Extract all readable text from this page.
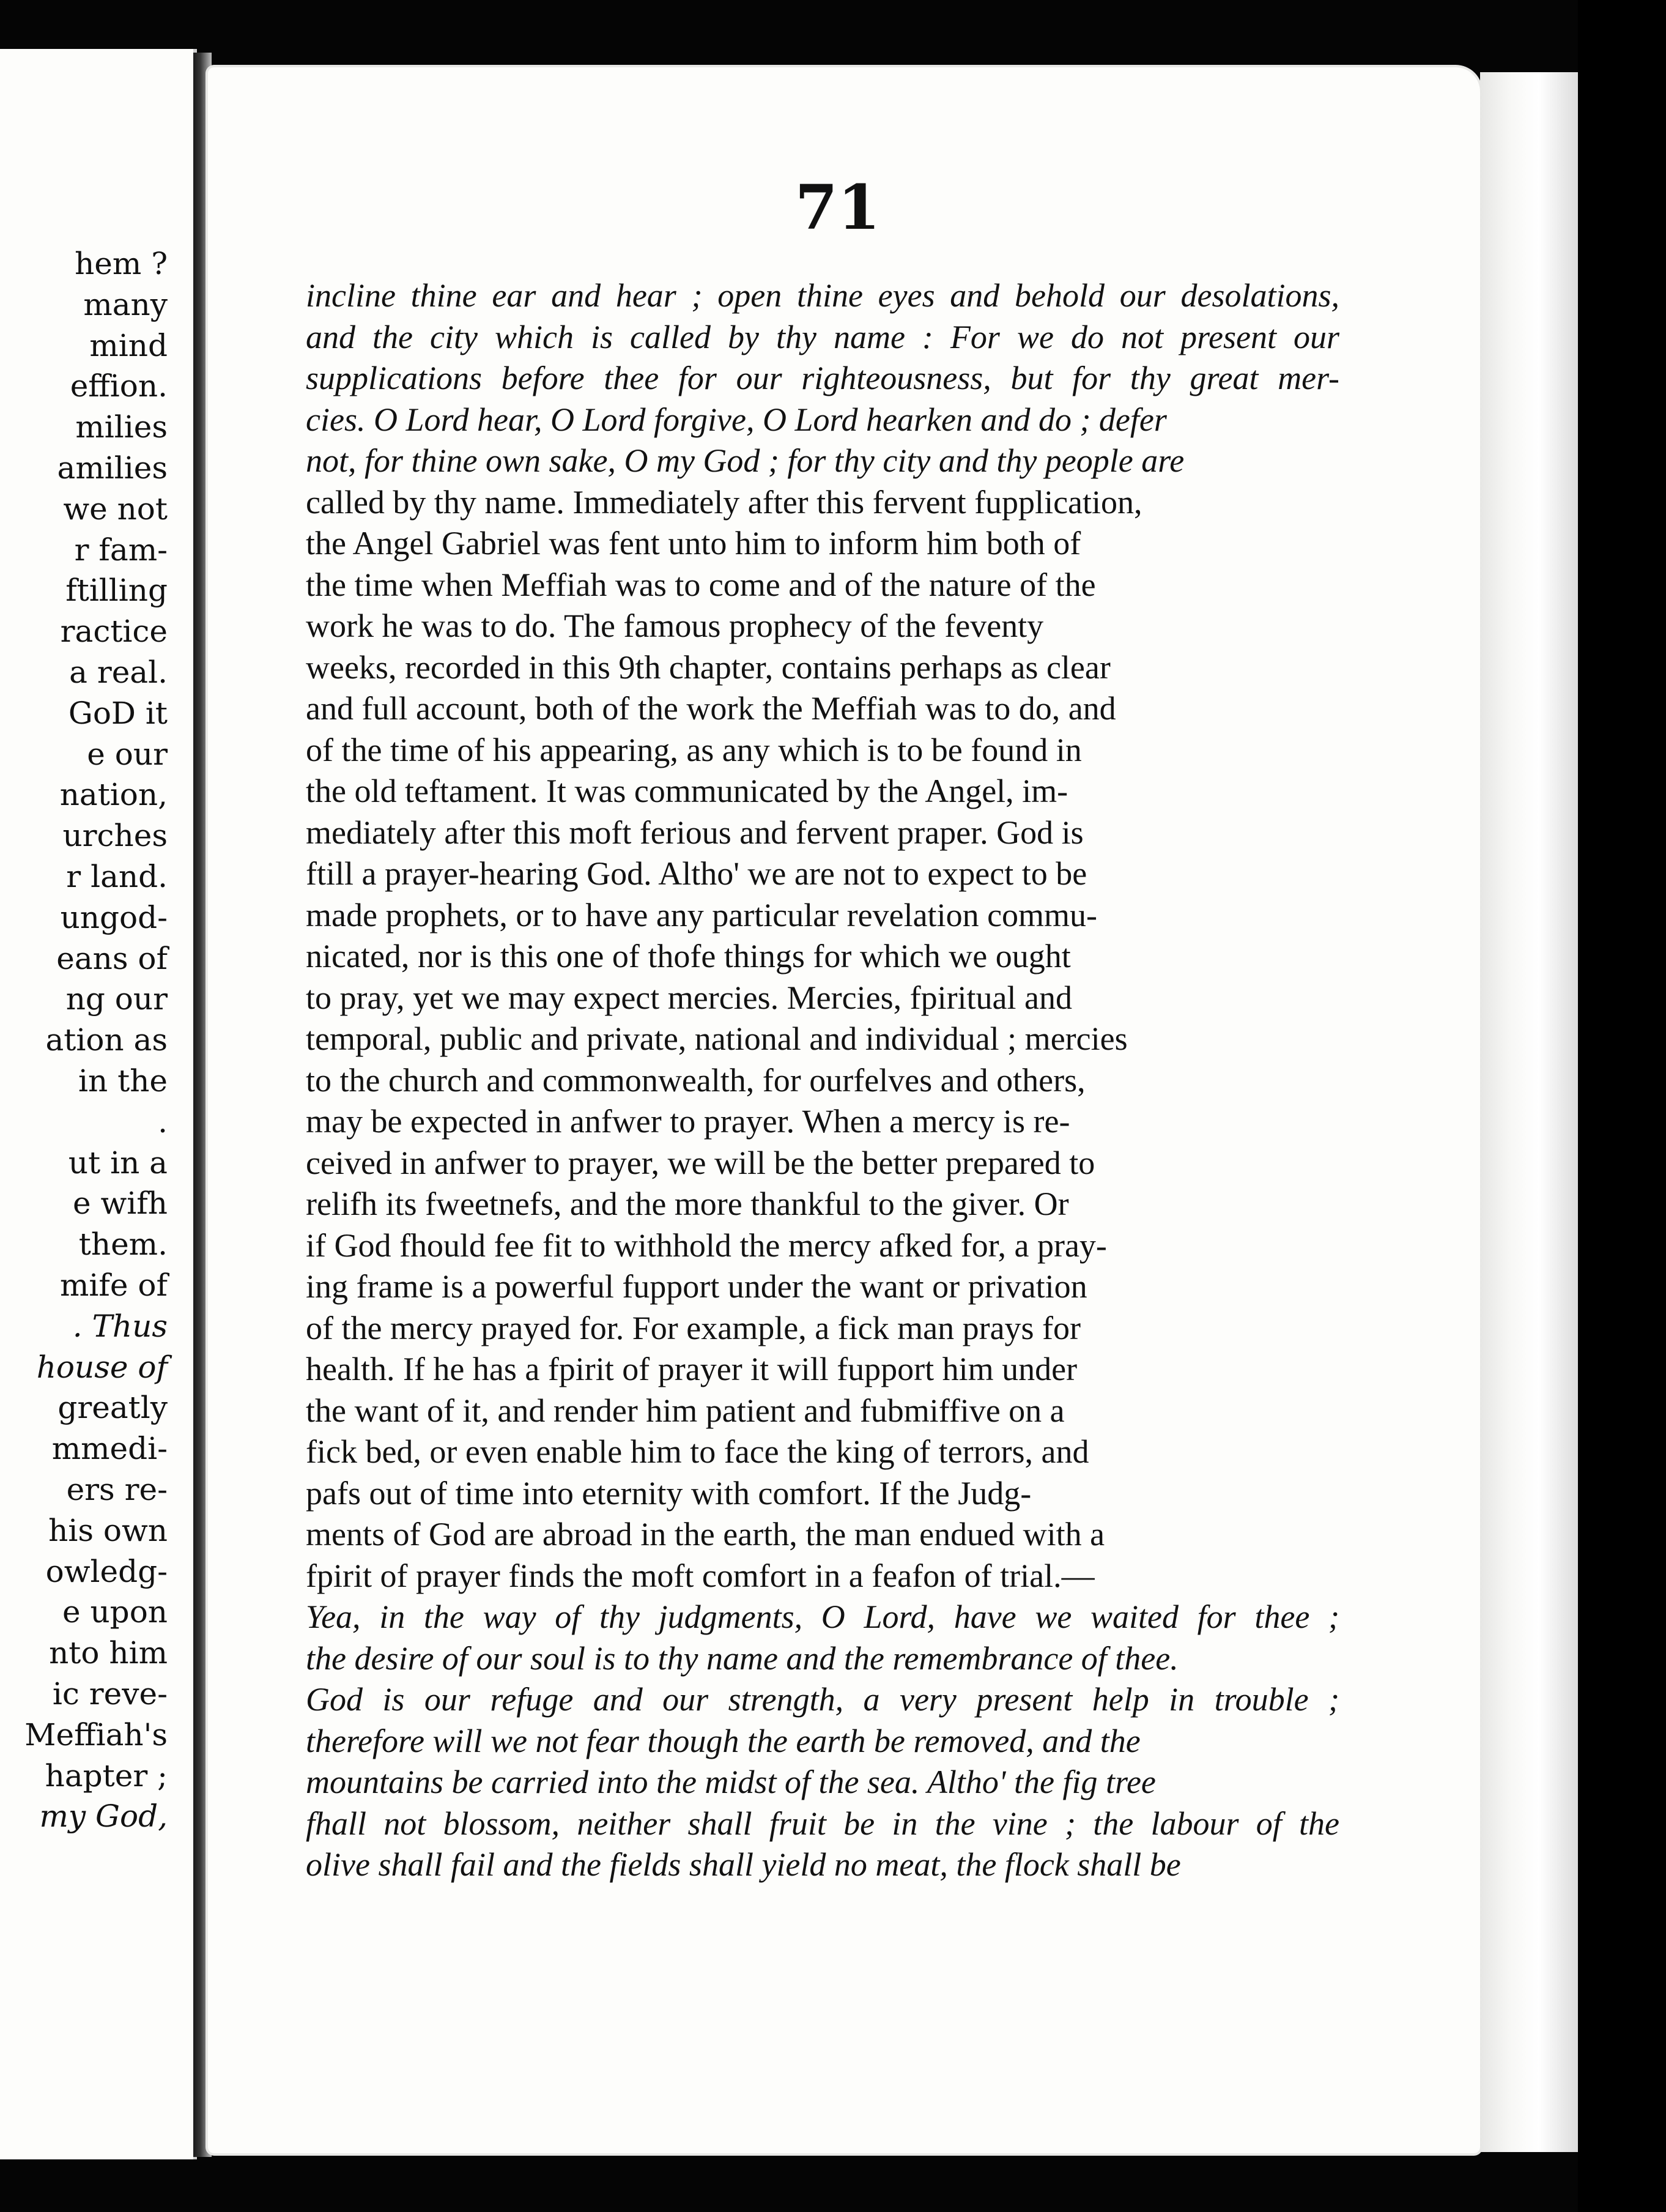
hem ?
many
mind
effion.
milies
amilies
we not
r fam-
ftilling
ractice
a real.
GoD it
e our
nation,
urches
r land.
ungod-
eans of
ng our
ation as
in the
.
ut in a
e wifh
them.
mife of
. Thus
house of
greatly
mmedi-
ers re-
his own
owledg-
e upon
nto him
ic reve-
Meffiah's
hapter ;
my God,
71
incline thine ear and hear ; open thine eyes and behold our desolations,
and the city which is called by thy name : For we do not present our
supplications before thee for our righteousness, but for thy great mer-
cies. O Lord hear, O Lord forgive, O Lord hearken and do ; defer
not, for thine own sake, O my God ; for thy city and thy people are
called by thy name. Immediately after this fervent fupplication,
the Angel Gabriel was fent unto him to inform him both of
the time when Meffiah was to come and of the nature of the
work he was to do. The famous prophecy of the feventy
weeks, recorded in this 9th chapter, contains perhaps as clear
and full account, both of the work the Meffiah was to do, and
of the time of his appearing, as any which is to be found in
the old teftament. It was communicated by the Angel, im-
mediately after this moft ferious and fervent praper. God is
ftill a prayer-hearing God. Altho' we are not to expect to be
made prophets, or to have any particular revelation commu-
nicated, nor is this one of thofe things for which we ought
to pray, yet we may expect mercies. Mercies, fpiritual and
temporal, public and private, national and individual ; mercies
to the church and commonwealth, for ourfelves and others,
may be expected in anfwer to prayer. When a mercy is re-
ceived in anfwer to prayer, we will be the better prepared to
relifh its fweetnefs, and the more thankful to the giver. Or
if God fhould fee fit to withhold the mercy afked for, a pray-
ing frame is a powerful fupport under the want or privation
of the mercy prayed for. For example, a fick man prays for
health. If he has a fpirit of prayer it will fupport him under
the want of it, and render him patient and fubmiffive on a
fick bed, or even enable him to face the king of terrors, and
pafs out of time into eternity with comfort. If the Judg-
ments of God are abroad in the earth, the man endued with a
fpirit of prayer finds the moft comfort in a feafon of trial.—
Yea, in the way of thy judgments, O Lord, have we waited for thee ;
the desire of our soul is to thy name and the remembrance of thee.
God is our refuge and our strength, a very present help in trouble ;
therefore will we not fear though the earth be removed, and the
mountains be carried into the midst of the sea. Altho' the fig tree
fhall not blossom, neither shall fruit be in the vine ; the labour of the
olive shall fail and the fields shall yield no meat, the flock shall be
